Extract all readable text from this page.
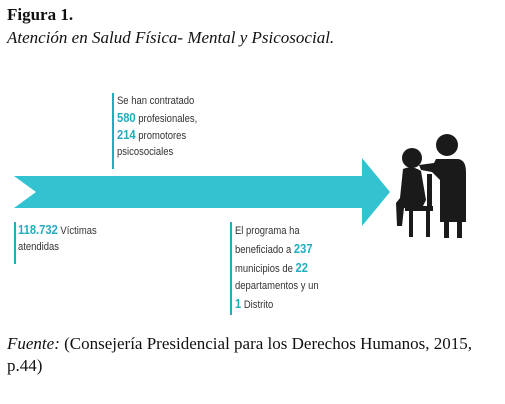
Figura 1.
Atención en Salud Física- Mental y Psicosocial.
Se han contratado
580 profesionales,
214 promotores
psicosociales
118.732 Víctimas
atendidas
El programa ha
beneficiado a 237
municipios de 22
departamentos y un
1 Distrito
Fuente: (Consejería Presidencial para los Derechos Humanos, 2015, p.44)
